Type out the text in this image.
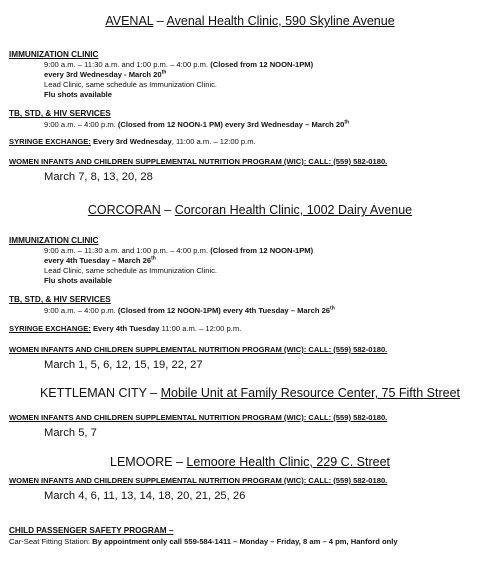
AVENAL – Avenal Health Clinic, 590 Skyline Avenue
IMMUNIZATION CLINIC
9:00 a.m. – 11:30 a.m. and 1:00 p.m. – 4:00 p.m. (Closed from 12 NOON-1PM)
every 3rd Wednesday - March 20th
Lead Clinic, same schedule as Immunization Clinic.
Flu shots available
TB, STD, & HIV SERVICES
9:00 a.m. – 4:00 p.m. (Closed from 12 NOON-1 PM) every 3rd Wednesday – March 20th
SYRINGE EXCHANGE: Every 3rd Wednesday, 11:00 a.m. – 12:00 p.m.
WOMEN INFANTS AND CHILDREN SUPPLEMENTAL NUTRITION PROGRAM (WIC): CALL: (559) 582-0180.
March 7, 8, 13, 20, 28
CORCORAN – Corcoran Health Clinic, 1002 Dairy Avenue
IMMUNIZATION CLINIC
9:00 a.m. – 11:30 a.m. and 1:00 p.m. – 4:00 p.m. (Closed from 12 NOON-1PM)
every 4th Tuesday – March 26th
Lead Clinic, same schedule as Immunization Clinic.
Flu shots available
TB, STD, & HIV SERVICES
9:00 a.m. – 4:00 p.m. (Closed from 12 NOON-1PM) every 4th Tuesday – March 26th
SYRINGE EXCHANGE: Every 4th Tuesday 11:00 a.m. – 12:00 p.m.
WOMEN INFANTS AND CHILDREN SUPPLEMENTAL NUTRITION PROGRAM (WIC): CALL: (559) 582-0180.
March 1, 5, 6, 12, 15, 19, 22, 27
KETTLEMAN CITY – Mobile Unit at Family Resource Center, 75 Fifth Street
WOMEN INFANTS AND CHILDREN SUPPLEMENTAL NUTRITION PROGRAM (WIC): CALL: (559) 582-0180.
March 5, 7
LEMOORE – Lemoore Health Clinic, 229 C. Street
WOMEN INFANTS AND CHILDREN SUPPLEMENTAL NUTRITION PROGRAM (WIC): CALL: (559) 582-0180.
March 4, 6, 11, 13, 14, 18, 20, 21, 25, 26
CHILD PASSENGER SAFETY PROGRAM –
Car-Seat Fitting Station: By appointment only call 559-584-1411 – Monday – Friday, 8 am – 4 pm, Hanford only
